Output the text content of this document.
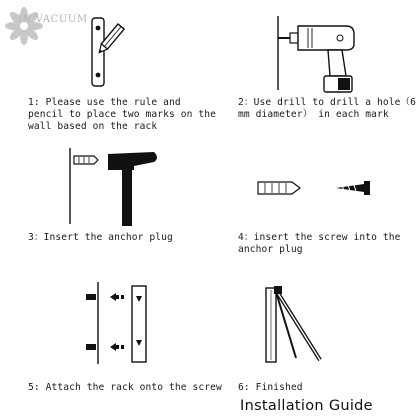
IN VACUUM
1: Please use the rule and pencil to place two marks on the wall based on the rack
2：Use drill to drill a hole（6 mm diameter） in each mark
3：Insert the anchor plug	4：insert the screw into the anchor plug
5: Attach the rack onto the screw	6: Finished
Installation Guide
